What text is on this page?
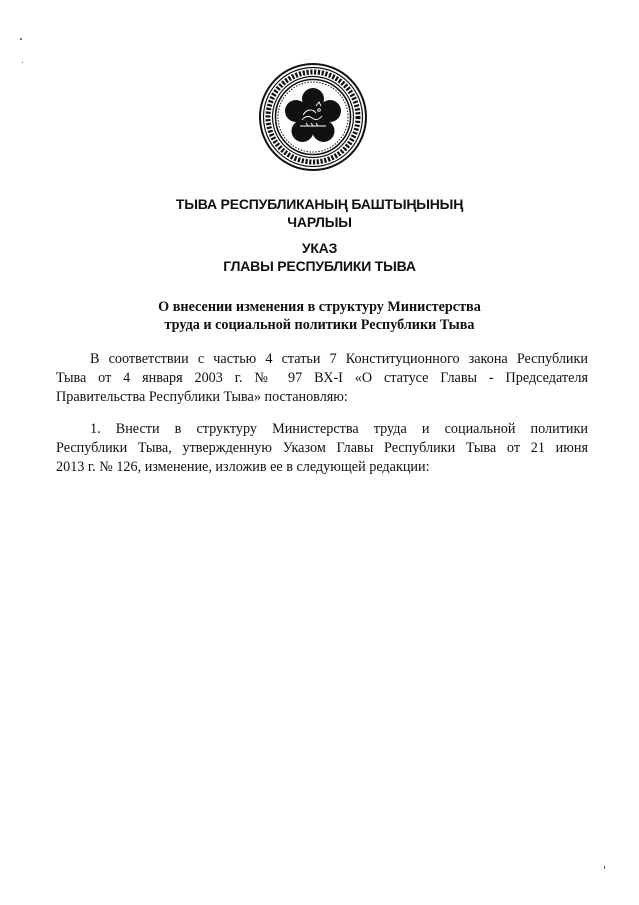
ТЫВА РЕСПУБЛИКАНЫҢ БАШТЫҢЫНЫҢ
ЧАРЛЫЫ
УКАЗ
ГЛАВЫ РЕСПУБЛИКИ ТЫВА
О внесении изменения в структуру Министерства
труда и социальной политики Республики Тыва
В соответствии с частью 4 статьи 7 Конституционного закона Республики
Тыва от 4 января 2003 г. № 97 ВХ-I «О статусе Главы - Председателя
Правительства Республики Тыва» постановляю:
1. Внести в структуру Министерства труда и социальной политики
Республики Тыва, утвержденную Указом Главы Республики Тыва от 21 июня
2013 г. № 126, изменение, изложив ее в следующей редакции:
